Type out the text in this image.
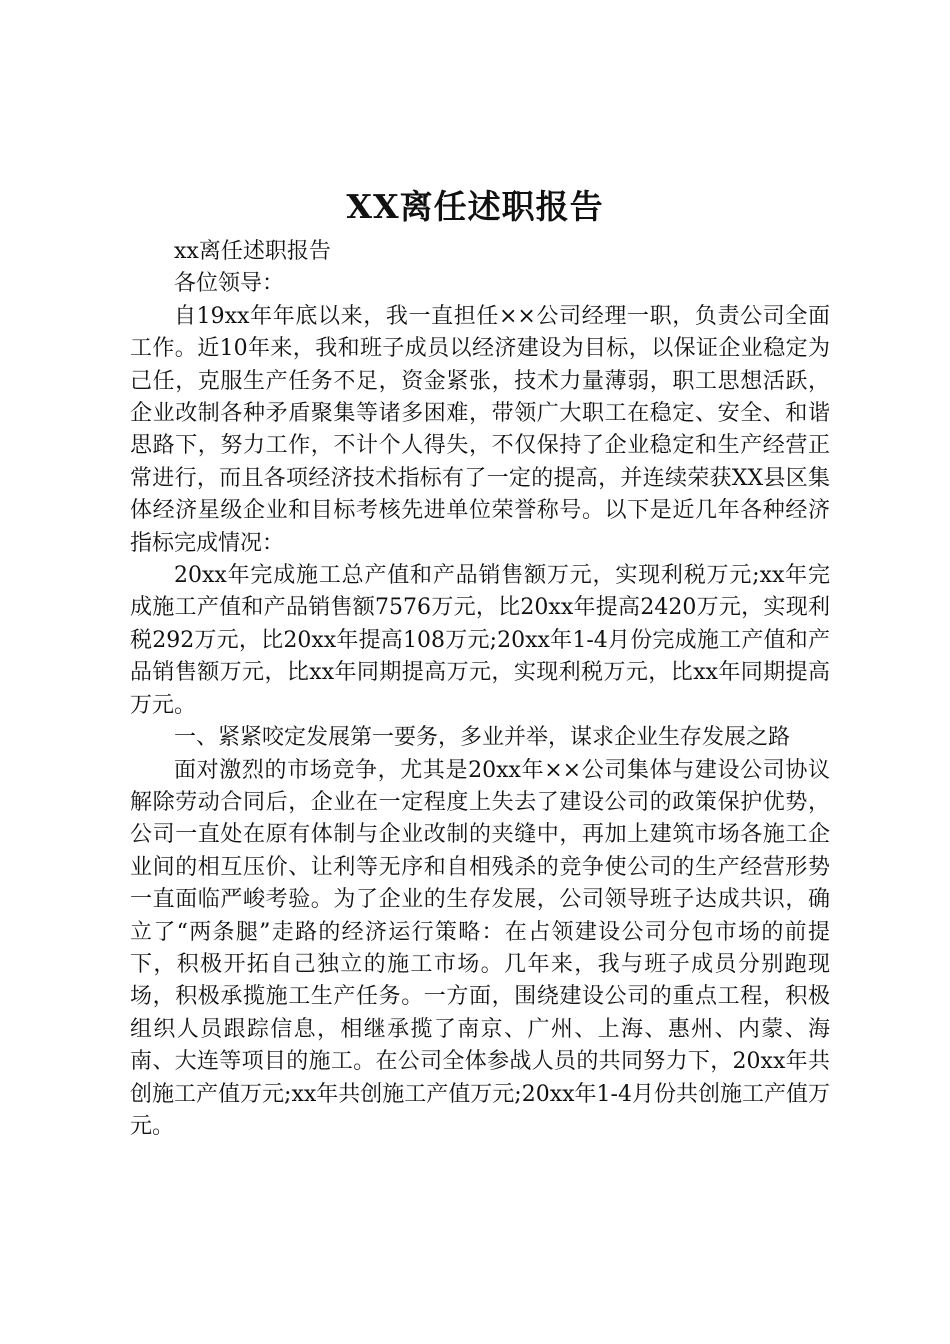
XX离任述职报告

xx离任述职报告

各位领导：

自19xx年年底以来，我一直担任××公司经理一职，负责公司全面工作。近10年来，我和班子成员以经济建设为目标，以保证企业稳定为己任，克服生产任务不足，资金紧张，技术力量薄弱，职工思想活跃，企业改制各种矛盾聚集等诸多困难，带领广大职工在稳定、安全、和谐思路下，努力工作，不计个人得失，不仅保持了企业稳定和生产经营正常进行，而且各项经济技术指标有了一定的提高，并连续荣获XX县区集体经济星级企业和目标考核先进单位荣誉称号。以下是近几年各种经济指标完成情况：

20xx年完成施工总产值和产品销售额万元，实现利税万元;xx年完成施工产值和产品销售额7576万元，比20xx年提高2420万元，实现利税292万元，比20xx年提高108万元;20xx年1-4月份完成施工产值和产品销售额万元，比xx年同期提高万元，实现利税万元，比xx年同期提高万元。

一、紧紧咬定发展第一要务，多业并举，谋求企业生存发展之路

面对激烈的市场竞争，尤其是20xx年××公司集体与建设公司协议解除劳动合同后，企业在一定程度上失去了建设公司的政策保护优势，公司一直处在原有体制与企业改制的夹缝中，再加上建筑市场各施工企业间的相互压价、让利等无序和自相残杀的竞争使公司的生产经营形势一直面临严峻考验。为了企业的生存发展，公司领导班子达成共识，确立了“两条腿”走路的经济运行策略：在占领建设公司分包市场的前提下，积极开拓自己独立的施工市场。几年来，我与班子成员分别跑现场，积极承揽施工生产任务。一方面，围绕建设公司的重点工程，积极组织人员跟踪信息，相继承揽了南京、广州、上海、惠州、内蒙、海南、大连等项目的施工。在公司全体参战人员的共同努力下，20xx年共创施工产值万元;xx年共创施工产值万元;20xx年1-4月份共创施工产值万元。
